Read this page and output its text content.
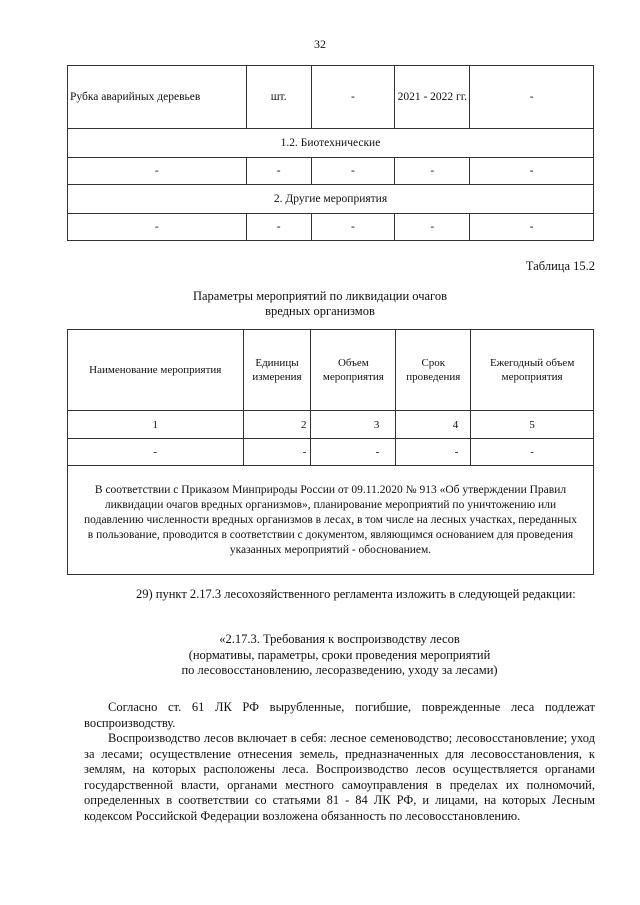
32
Рубка аварийных деревьев	шт.	-	2021 - 2022 гг.	-
1.2. Биотехнические				
-	-	-	-	-
2. Другие мероприятия				
-	-	-	-	-
Таблица 15.2
Параметры мероприятий по ликвидации очагов
вредных организмов
Наименование мероприятия	Единицы измерения	Объем мероприятия	Срок проведения	Ежегодный объем мероприятия
1	2	3	4	5
-	-	-	-	-
В соответствии с Приказом Минприроды России от 09.11.2020 № 913 «Об утверждении Правил ликвидации очагов вредных организмов», планирование мероприятий по уничтожению или подавлению численности вредных организмов в лесах, в том числе на лесных участках, переданных в пользование, проводится в соответствии с документом, являющимся основанием для проведения указанных мероприятий - обоснованием.				
29) пункт 2.17.3 лесохозяйственного регламента изложить в следующей редакции:
«2.17.3. Требования к воспроизводству лесов
(нормативы, параметры, сроки проведения мероприятий
по лесовосстановлению, лесоразведению, уходу за лесами)

Согласно ст. 61 ЛК РФ вырубленные, погибшие, поврежденные леса подлежат воспроизводству.

Воспроизводство лесов включает в себя: лесное семеноводство; лесовосстановление; уход за лесами; осуществление отнесения земель, предназначенных для лесовосстановления, к землям, на которых расположены леса. Воспроизводство лесов осуществляется органами государственной власти, органами местного самоуправления в пределах их полномочий, определенных в соответствии со статьями 81 - 84 ЛК РФ, и лицами, на которых Лесным кодексом Российской Федерации возложена обязанность по лесовосстановлению.
